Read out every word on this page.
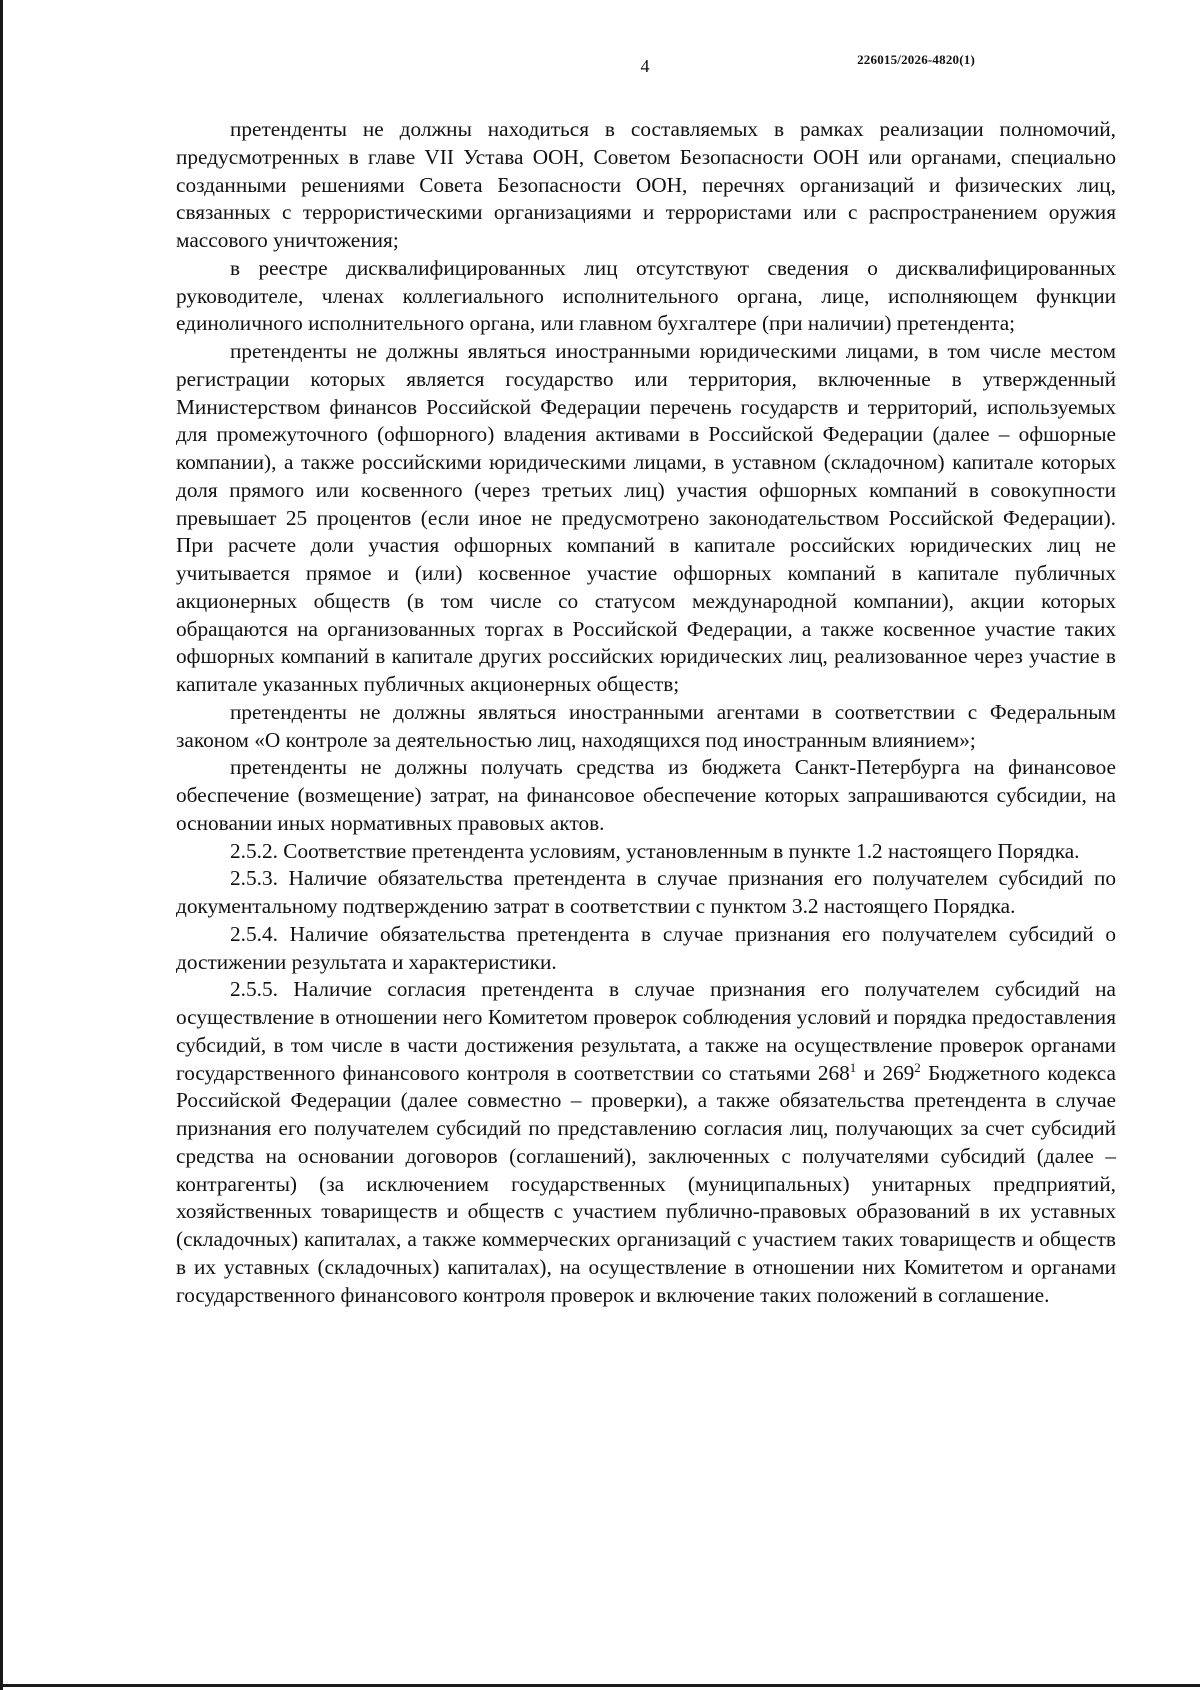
4	226015/2026-4820(1)

претенденты не должны находиться в составляемых в рамках реализации полномочий, предусмотренных в главе VII Устава ООН, Советом Безопасности ООН или органами, специально созданными решениями Совета Безопасности ООН, перечнях организаций и физических лиц, связанных с террористическими организациями и террористами или с распространением оружия массового уничтожения;

в реестре дисквалифицированных лиц отсутствуют сведения о дисквалифицированных руководителе, членах коллегиального исполнительного органа, лице, исполняющем функции единоличного исполнительного органа, или главном бухгалтере (при наличии) претендента;

претенденты не должны являться иностранными юридическими лицами, в том числе местом регистрации которых является государство или территория, включенные в утвержденный Министерством финансов Российской Федерации перечень государств и территорий, используемых для промежуточного (офшорного) владения активами в Российской Федерации (далее – офшорные компании), а также российскими юридическими лицами, в уставном (складочном) капитале которых доля прямого или косвенного (через третьих лиц) участия офшорных компаний в совокупности превышает 25 процентов (если иное не предусмотрено законодательством Российской Федерации). При расчете доли участия офшорных компаний в капитале российских юридических лиц не учитывается прямое и (или) косвенное участие офшорных компаний в капитале публичных акционерных обществ (в том числе со статусом международной компании), акции которых обращаются на организованных торгах в Российской Федерации, а также косвенное участие таких офшорных компаний в капитале других российских юридических лиц, реализованное через участие в капитале указанных публичных акционерных обществ;

претенденты не должны являться иностранными агентами в соответствии с Федеральным законом «О контроле за деятельностью лиц, находящихся под иностранным влиянием»;

претенденты не должны получать средства из бюджета Санкт-Петербурга на финансовое обеспечение (возмещение) затрат, на финансовое обеспечение которых запрашиваются субсидии, на основании иных нормативных правовых актов.

2.5.2. Соответствие претендента условиям, установленным в пункте 1.2 настоящего Порядка.

2.5.3. Наличие обязательства претендента в случае признания его получателем субсидий по документальному подтверждению затрат в соответствии с пунктом 3.2 настоящего Порядка.

2.5.4. Наличие обязательства претендента в случае признания его получателем субсидий о достижении результата и характеристики.

2.5.5. Наличие согласия претендента в случае признания его получателем субсидий на осуществление в отношении него Комитетом проверок соблюдения условий и порядка предоставления субсидий, в том числе в части достижения результата, а также на осуществление проверок органами государственного финансового контроля в соответствии со статьями $268^1$ и $269^2$ Бюджетного кодекса Российской Федерации (далее совместно – проверки), а также обязательства претендента в случае признания его получателем субсидий по представлению согласия лиц, получающих за счет субсидий средства на основании договоров (соглашений), заключенных с получателями субсидий (далее – контрагенты) (за исключением государственных (муниципальных) унитарных предприятий, хозяйственных товариществ и обществ с участием публично-правовых образований в их уставных (складочных) капиталах, а также коммерческих организаций с участием таких товариществ и обществ в их уставных (складочных) капиталах), на осуществление в отношении них Комитетом и органами государственного финансового контроля проверок и включение таких положений в соглашение.
